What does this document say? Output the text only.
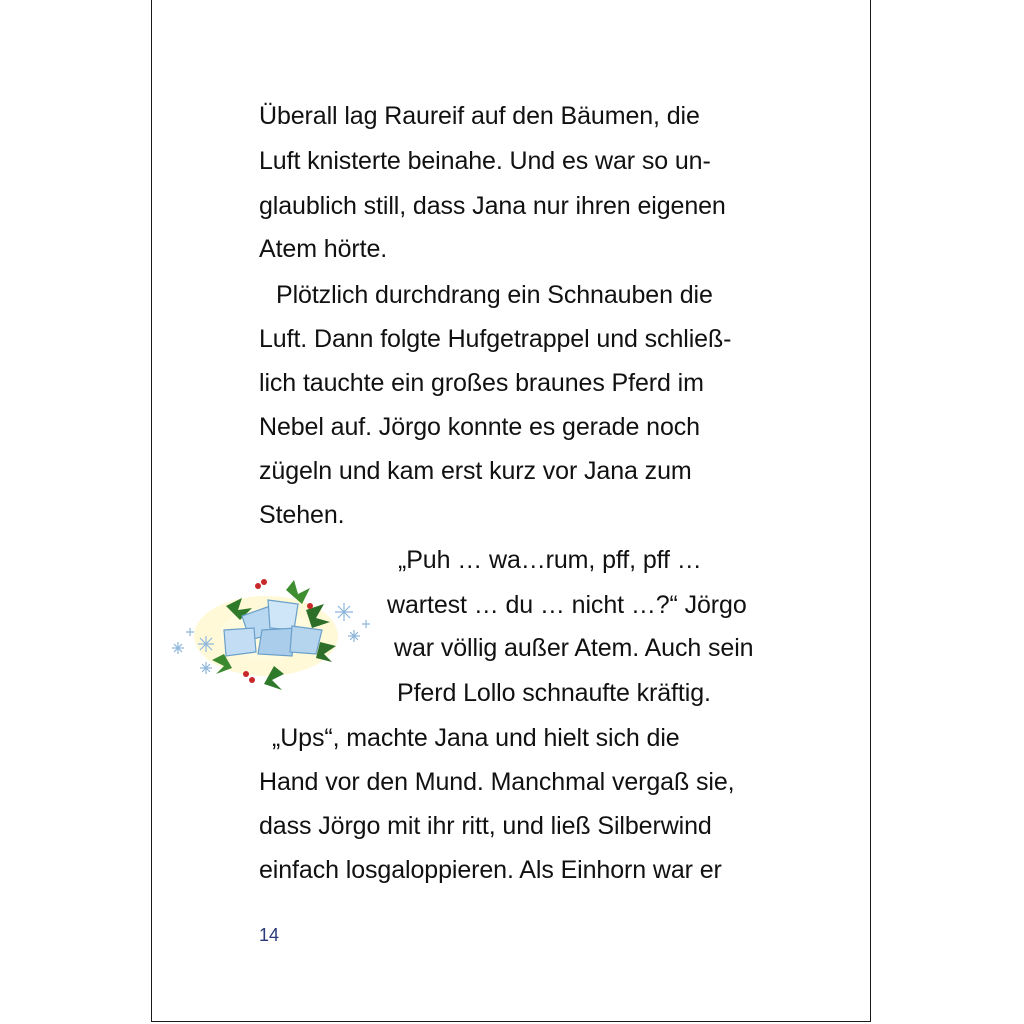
Überall lag Raureif auf den Bäumen, die
Luft knisterte beinahe. Und es war so un-
glaublich still, dass Jana nur ihren eigenen
Atem hörte.
Plötzlich durchdrang ein Schnauben die
Luft. Dann folgte Hufgetrappel und schließ-
lich tauchte ein großes braunes Pferd im
Nebel auf. Jörgo konnte es gerade noch
zügeln und kam erst kurz vor Jana zum
Stehen.
„Puh … wa…rum, pff, pff …
wartest … du … nicht …?“ Jörgo
war völlig außer Atem. Auch sein
Pferd Lollo schnaufte kräftig.
„Ups“, machte Jana und hielt sich die
Hand vor den Mund. Manchmal vergaß sie,
dass Jörgo mit ihr ritt, und ließ Silberwind
einfach losgaloppieren. Als Einhorn war er
14
